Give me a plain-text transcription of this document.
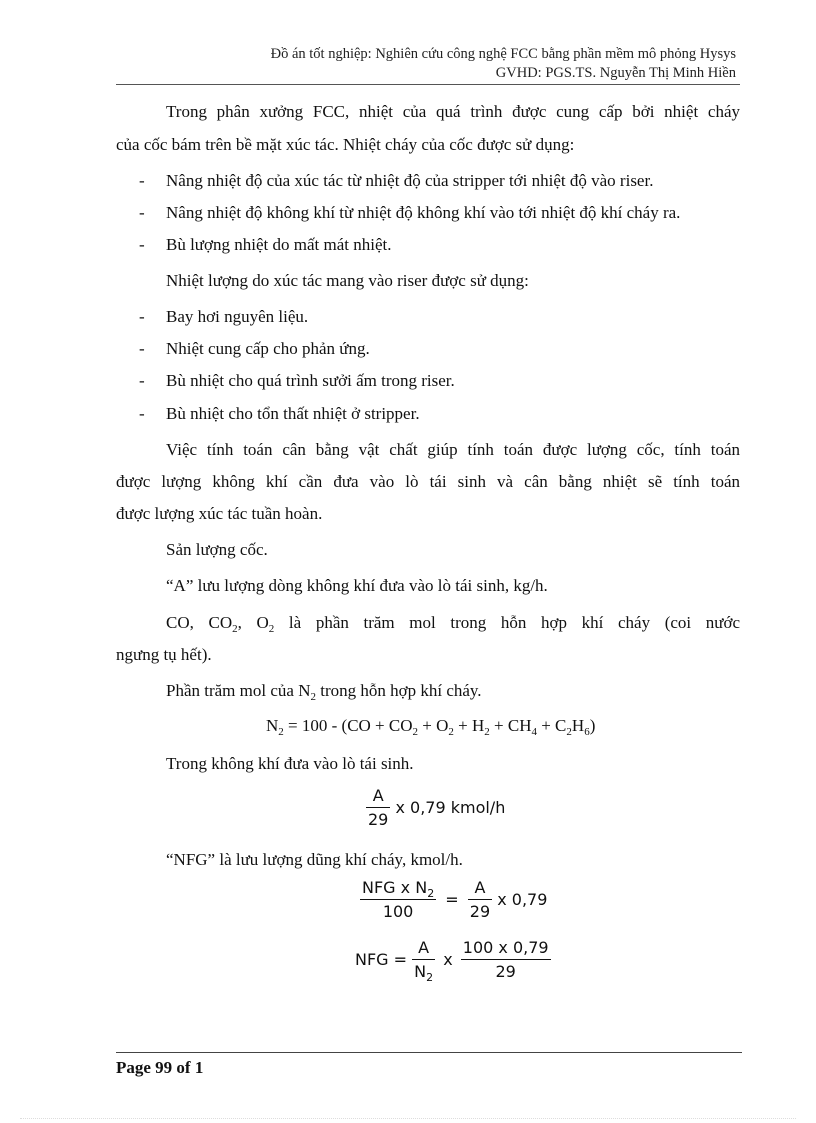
Đồ án tốt nghiệp: Nghiên cứu công nghệ FCC bằng phần mềm mô phỏng Hysys
GVHD: PGS.TS. Nguyễn Thị Minh Hiền
Trong phân xưởng FCC, nhiệt của quá trình được cung cấp bởi nhiệt cháy
của cốc bám trên bề mặt xúc tác. Nhiệt cháy của cốc được sử dụng:
- Nâng nhiệt độ của xúc tác từ nhiệt độ của stripper tới nhiệt độ vào riser.
- Nâng nhiệt độ không khí từ nhiệt độ không khí vào tới nhiệt độ khí cháy ra.
- Bù lượng nhiệt do mất mát nhiệt.
Nhiệt lượng do xúc tác mang vào riser được sử dụng:
- Bay hơi nguyên liệu.
- Nhiệt cung cấp cho phản ứng.
- Bù nhiệt cho quá trình sưởi ấm trong riser.
- Bù nhiệt cho tổn thất nhiệt ở stripper.
Việc tính toán cân bằng vật chất giúp tính toán được lượng cốc, tính toán
được lượng không khí cần đưa vào lò tái sinh và cân bằng nhiệt sẽ tính toán
được lượng xúc tác tuần hoàn.
Sản lượng cốc.
“A” lưu lượng dòng không khí đưa vào lò tái sinh, kg/h.
CO, $CO_2$, $O_2$ là phần trăm mol trong hỗn hợp khí cháy (coi nước
ngưng tụ hết).
Phần trăm mol của $N_2$ trong hỗn hợp khí cháy.
$N_2 = 100 - (CO + CO_2 + O_2 + H_2 + CH_4 + C_2H_6)$
Trong không khí đưa vào lò tái sinh.
$\frac{A}{29}$ x 0,79 kmol/h
“NFG” là lưu lượng dũng khí cháy, kmol/h.
$\frac{NFG x N_2}{100} = \frac{A}{29}$ x 0,79
NFG = $\frac{A}{N_2}$ x $\frac{100 x 0,79}{29}$
Page 99 of 1
